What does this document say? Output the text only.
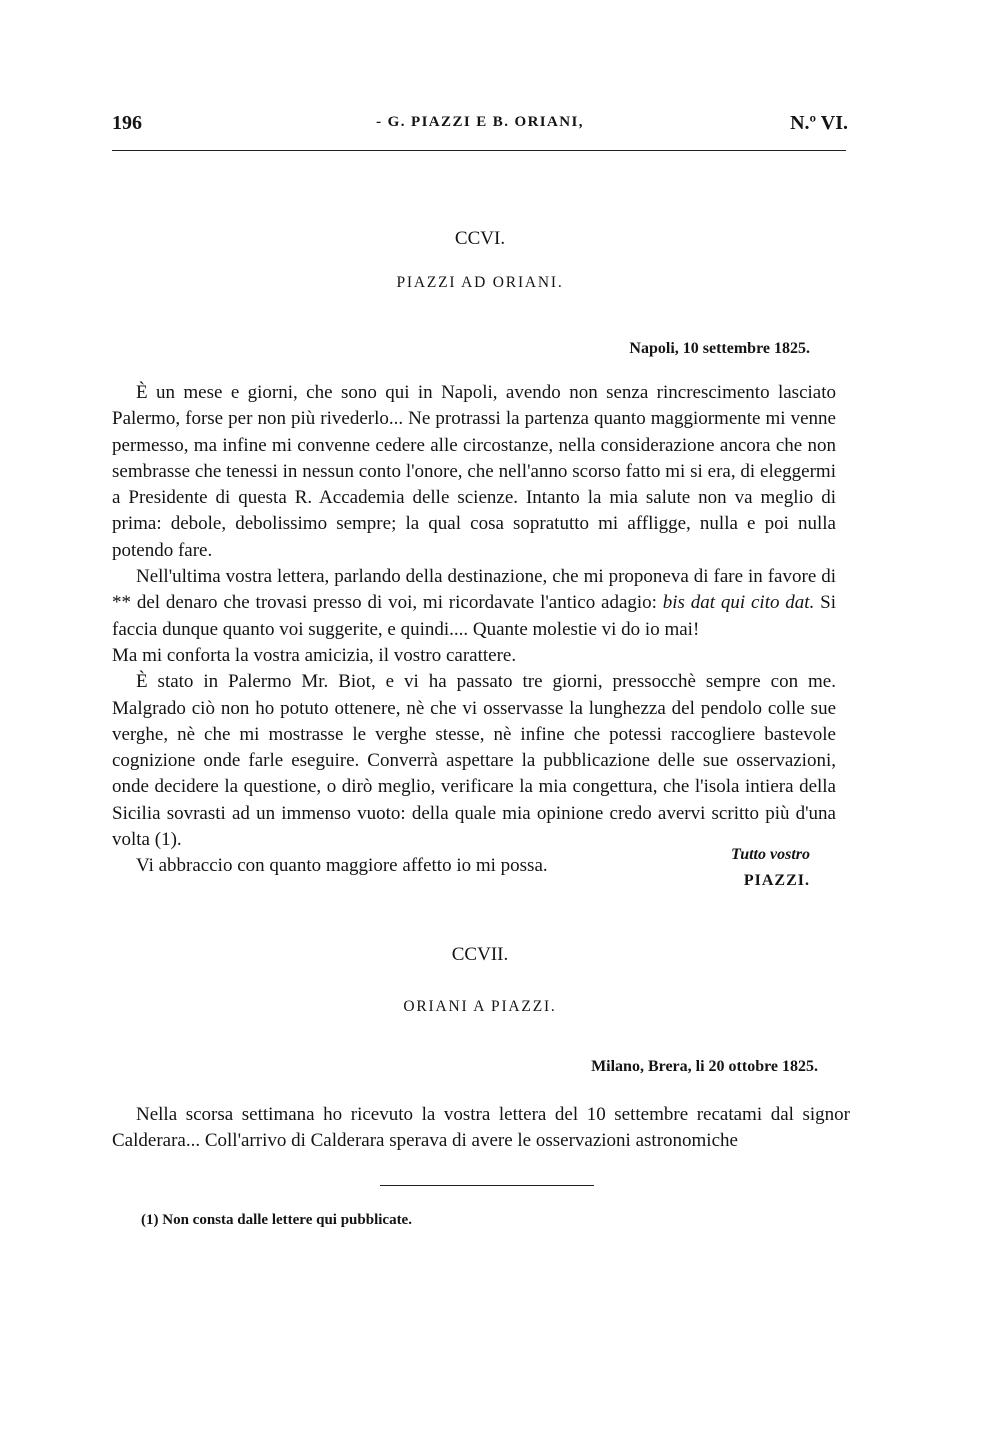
196	- G. PIAZZI E B. ORIANI,	N.º VI.
CCVI.
PIAZZI AD ORIANI.
Napoli, 10 settembre 1825.

È un mese e giorni, che sono qui in Napoli, avendo non senza rincrescimento lasciato Palermo, forse per non più rivederlo... Ne protrassi la partenza quanto maggiormente mi venne permesso, ma infine mi convenne cedere alle circostanze, nella considerazione ancora che non sembrasse che tenessi in nessun conto l'onore, che nell'anno scorso fatto mi si era, di eleggermi a Presidente di questa R. Accademia delle scienze. Intanto la mia salute non va meglio di prima: debole, debolissimo sempre; la qual cosa sopratutto mi affligge, nulla e poi nulla potendo fare.

Nell'ultima vostra lettera, parlando della destinazione, che mi proponeva di fare in favore di ** del denaro che trovasi presso di voi, mi ricordavate l'antico adagio: bis dat qui cito dat. Si faccia dunque quanto voi suggerite, e quindi.... Quante molestie vi do io mai!

Ma mi conforta la vostra amicizia, il vostro carattere.

È stato in Palermo Mr. Biot, e vi ha passato tre giorni, pressocchè sempre con me. Malgrado ciò non ho potuto ottenere, nè che vi osservasse la lunghezza del pendolo colle sue verghe, nè che mi mostrasse le verghe stesse, nè infine che potessi raccogliere bastevole cognizione onde farle eseguire. Converrà aspettare la pubblicazione delle sue osservazioni, onde decidere la questione, o dirò meglio, verificare la mia congettura, che l'isola intiera della Sicilia sovrasti ad un immenso vuoto: della quale mia opinione credo avervi scritto più d'una volta (1).

Vi abbraccio con quanto maggiore affetto io mi possa.

Tutto vostro
PIAZZI.
CCVII.
ORIANI A PIAZZI.
Milano, Brera, li 20 ottobre 1825.

Nella scorsa settimana ho ricevuto la vostra lettera del 10 settembre recatami dal signor Calderara... Coll'arrivo di Calderara sperava di avere le osservazioni astronomiche

(1) Non consta dalle lettere qui pubblicate.
